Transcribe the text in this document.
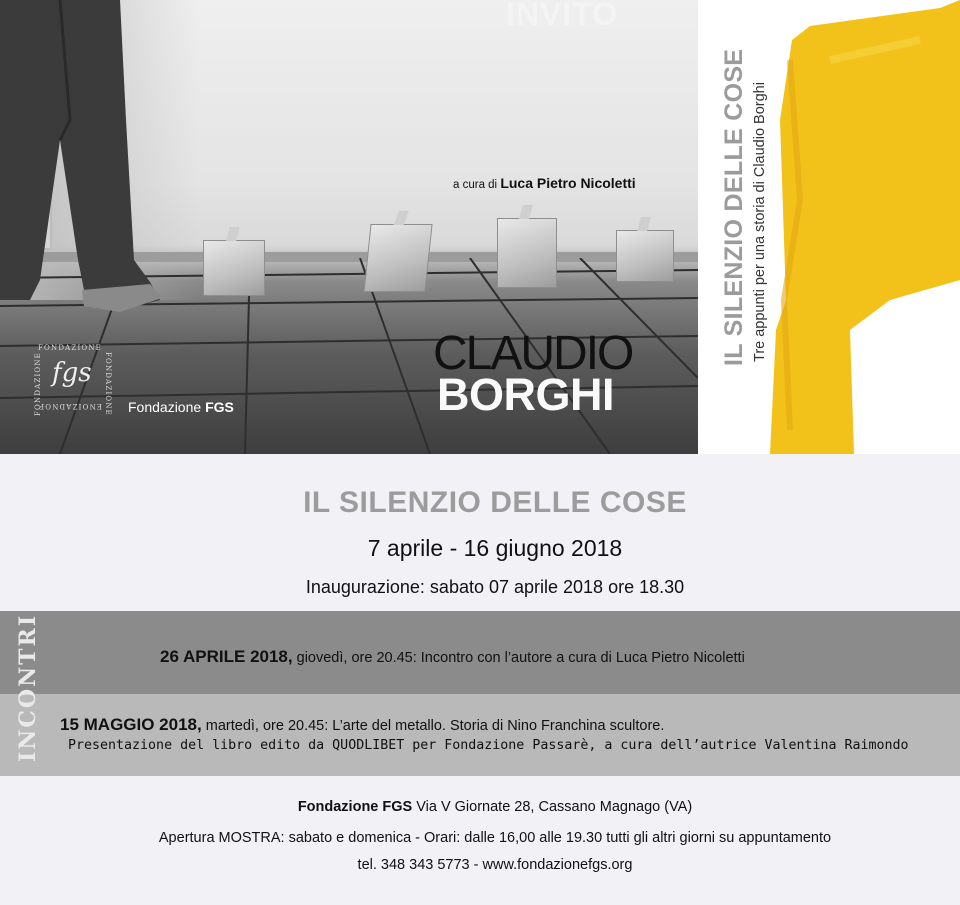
INVITO
a cura di Luca Pietro Nicoletti
CLAUDIO
BORGHI
FONDAZIONE
FONDAZIONE fgs FONDAZIONE
ENOIZADNOF Fondazione FGS
IL SILENZIO DELLE COSE Tre appunti per una storia di Claudio Borghi
IL SILENZIO DELLE COSE
7 aprile - 16 giugno 2018
Inaugurazione: sabato 07 aprile 2018 ore 18.30
INCONTRI	26 APRILE 2018, giovedì, ore 20.45: Incontro con l’autore a cura di Luca Pietro Nicoletti
15 MAGGIO 2018, martedì, ore 20.45: L’arte del metallo. Storia di Nino Franchina scultore.
Presentazione del libro edito da QUODLIBET per Fondazione Passarè, a cura dell’autrice Valentina Raimondo
Fondazione FGS Via V Giornate 28, Cassano Magnago (VA)
Apertura MOSTRA: sabato e domenica - Orari: dalle 16,00 alle 19.30 tutti gli altri giorni su appuntamento
tel. 348 343 5773 - www.fondazionefgs.org
